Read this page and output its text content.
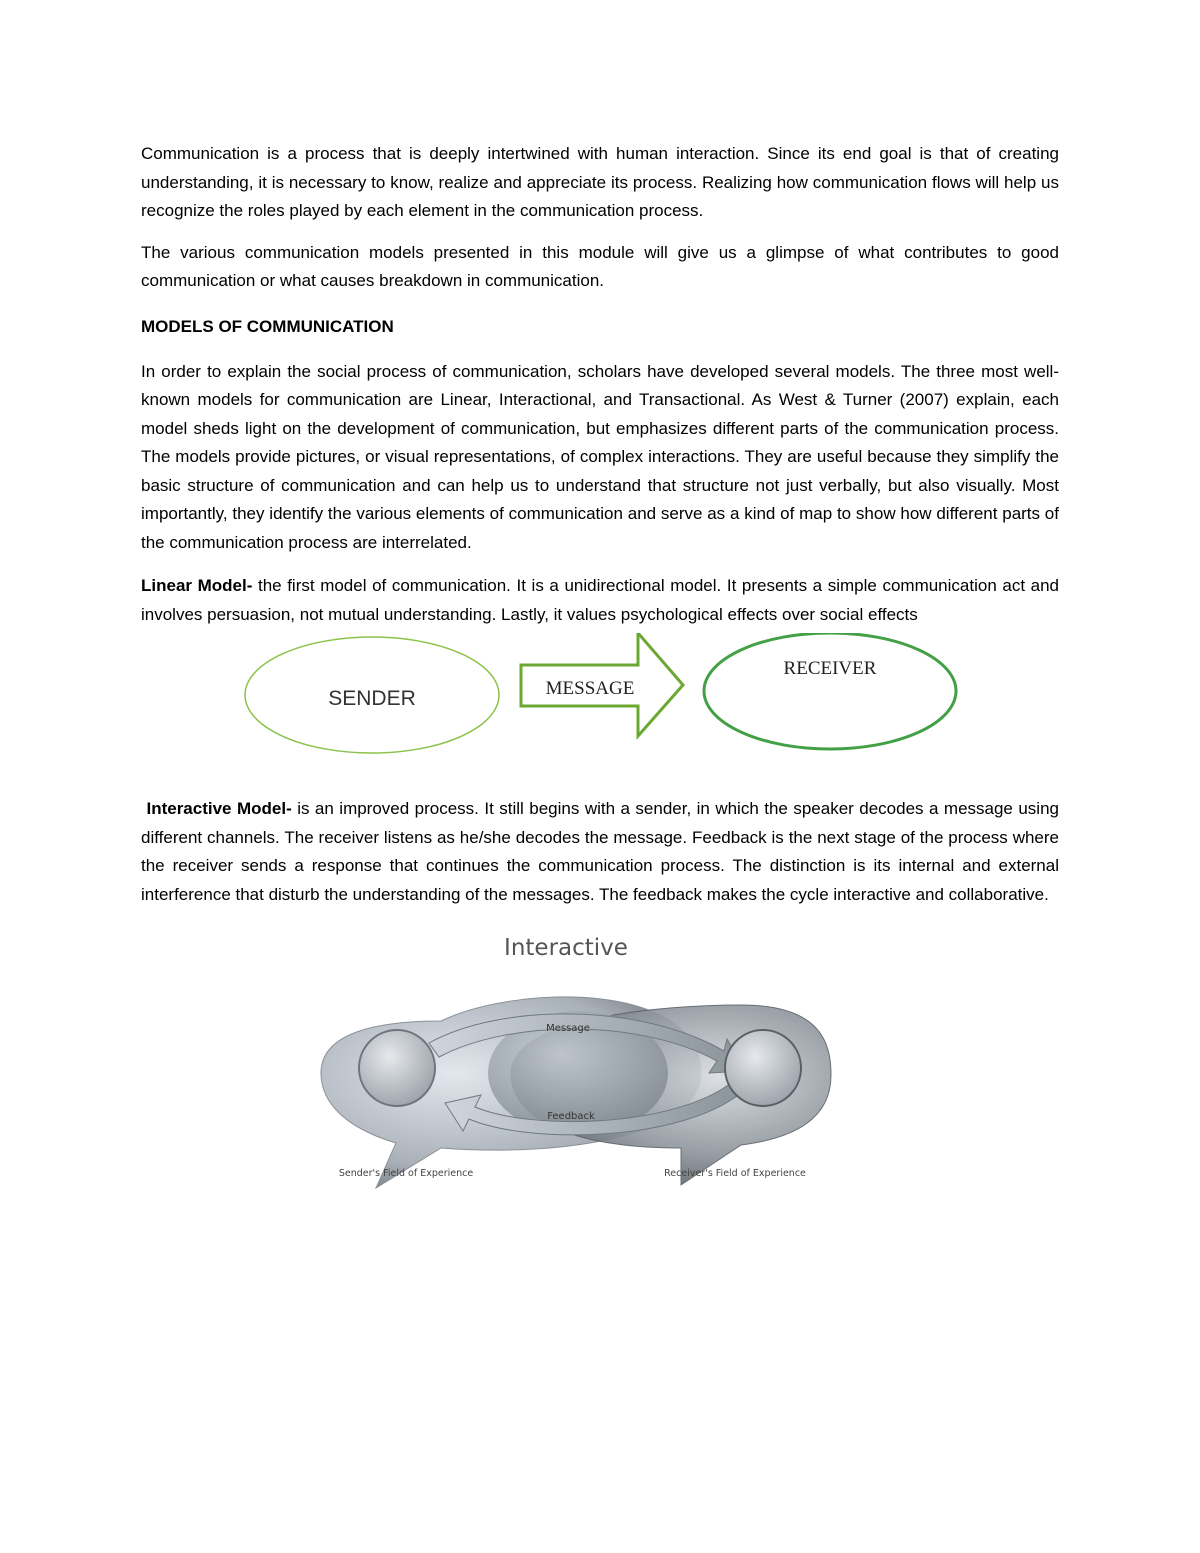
Communication is a process that is deeply intertwined with human interaction. Since its end goal is that of creating understanding, it is necessary to know, realize and appreciate its process. Realizing how communication flows will help us recognize the roles played by each element in the communication process.

The various communication models presented in this module will give us a glimpse of what contributes to good communication or what causes breakdown in communication.

MODELS OF COMMUNICATION

In order to explain the social process of communication, scholars have developed several models. The three most well-known models for communication are Linear, Interactional, and Transactional. As West & Turner (2007) explain, each model sheds light on the development of communication, but emphasizes different parts of the communication process. The models provide pictures, or visual representations, of complex interactions. They are useful because they simplify the basic structure of communication and can help us to understand that structure not just verbally, but also visually. Most importantly, they identify the various elements of communication and serve as a kind of map to show how different parts of the communication process are interrelated.

Linear Model- the first model of communication. It is a unidirectional model. It presents a simple communication act and involves persuasion, not mutual understanding. Lastly, it values psychological effects over social effects

SENDER	MESSAGE
RECEIVER

Interactive Model- is an improved process. It still begins with a sender, in which the speaker decodes a message using different channels. The receiver listens as he/she decodes the message. Feedback is the next stage of the process where the receiver sends a response that continues the communication process. The distinction is its internal and external interference that disturb the understanding of the messages. The feedback makes the cycle interactive and collaborative.

Interactive
Message
Feedback
Sender's Field of Experience	Receiver's Field of Experience
